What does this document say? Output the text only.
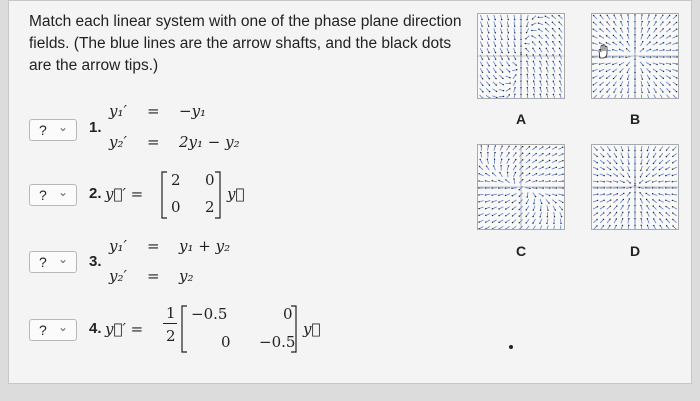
Match each linear system with one of the phase plane direction fields. (The blue lines are the arrow shafts, and the black dots are the arrow tips.)
? ⌄ 1.
y₁′ = −y₁
y₂′ = 2y₁ − y₂
? ⌄ 2. y⃗′ =
2 0
0 2
y⃗
? ⌄ 3.
y₁′ = y₁ + y₂
y₂′ = y₂
? ⌄ 4. y⃗′ =
1
2
−0.5	0
0 −0.5
y⃗
A	B
C	D
